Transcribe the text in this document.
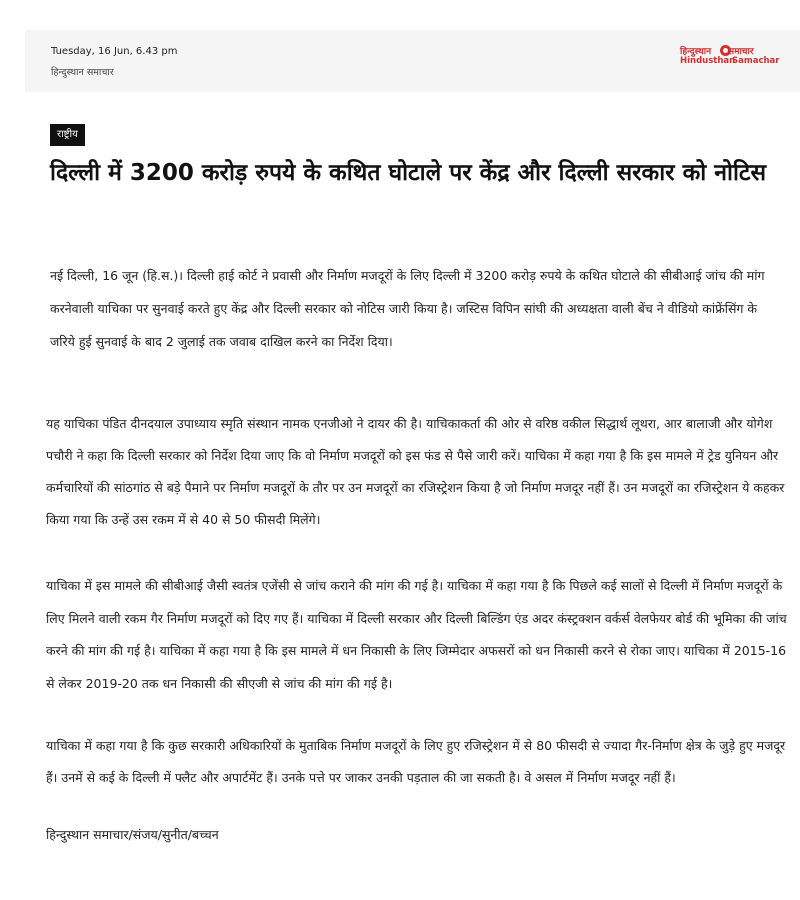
Tuesday, 16 Jun, 6.43 pm
हिन्दुस्थान समाचार
हिन्दुस्थान समाचार
Hindusthan
Samachar
राष्ट्रीय
दिल्ली में 3200 करोड़ रुपये के कथित घोटाले पर केंद्र और दिल्ली सरकार को नोटिस

नई दिल्ली, 16 जून (हि.स.)। दिल्ली हाई कोर्ट ने प्रवासी और निर्माण मजदूरों के लिए दिल्ली में 3200 करोड़ रुपये के कथित घोटाले की सीबीआई जांच की मांग करनेवाली याचिका पर सुनवाई करते हुए केंद्र और दिल्ली सरकार को नोटिस जारी किया है। जस्टिस विपिन सांघी की अध्यक्षता वाली बेंच ने वीडियो कांफ्रेंसिंग के जरिये हुई सुनवाई के बाद 2 जुलाई तक जवाब दाखिल करने का निर्देश दिया।

यह याचिका पंडित दीनदयाल उपाध्याय स्मृति संस्थान नामक एनजीओ ने दायर की है। याचिकाकर्ता की ओर से वरिष्ठ वकील सिद्धार्थ लूथरा, आर बालाजी और योगेश पचौरी ने कहा कि दिल्ली सरकार को निर्देश दिया जाए कि वो निर्माण मजदूरों को इस फंड से पैसे जारी करें। याचिका में कहा गया है कि इस मामले में ट्रेड युनियन और कर्मचारियों की सांठगांठ से बड़े पैमाने पर निर्माण मजदूरों के तौर पर उन मजदूरों का रजिस्ट्रेशन किया है जो निर्माण मजदूर नहीं हैं। उन मजदूरों का रजिस्ट्रेशन ये कहकर किया गया कि उन्हें उस रकम में से 40 से 50 फीसदी मिलेंगे।

याचिका में इस मामले की सीबीआई जैसी स्वतंत्र एजेंसी से जांच कराने की मांग की गई है। याचिका में कहा गया है कि पिछले कई सालों से दिल्ली में निर्माण मजदूरों के लिए मिलने वाली रकम गैर निर्माण मजदूरों को दिए गए हैं। याचिका में दिल्ली सरकार और दिल्ली बिल्डिंग एंड अदर कंस्ट्रक्शन वर्कर्स वेलफेयर बोर्ड की भूमिका की जांच करने की मांग की गई है। याचिका में कहा गया है कि इस मामले में धन निकासी के लिए जिम्मेदार अफसरों को धन निकासी करने से रोका जाए। याचिका में 2015-16 से लेकर 2019-20 तक धन निकासी की सीएजी से जांच की मांग की गई है।

याचिका में कहा गया है कि कुछ सरकारी अधिकारियों के मुताबिक निर्माण मजदूरों के लिए हुए रजिस्ट्रेशन में से 80 फीसदी से ज्यादा गैर-निर्माण क्षेत्र के जुड़े हुए मजदूर हैं। उनमें से कई के दिल्ली में फ्लैट और अपार्टमेंट हैं। उनके पत्ते पर जाकर उनकी पड़ताल की जा सकती है। वे असल में निर्माण मजदूर नहीं हैं।

हिन्दुस्थान समाचार/संजय/सुनीत/बच्चन
